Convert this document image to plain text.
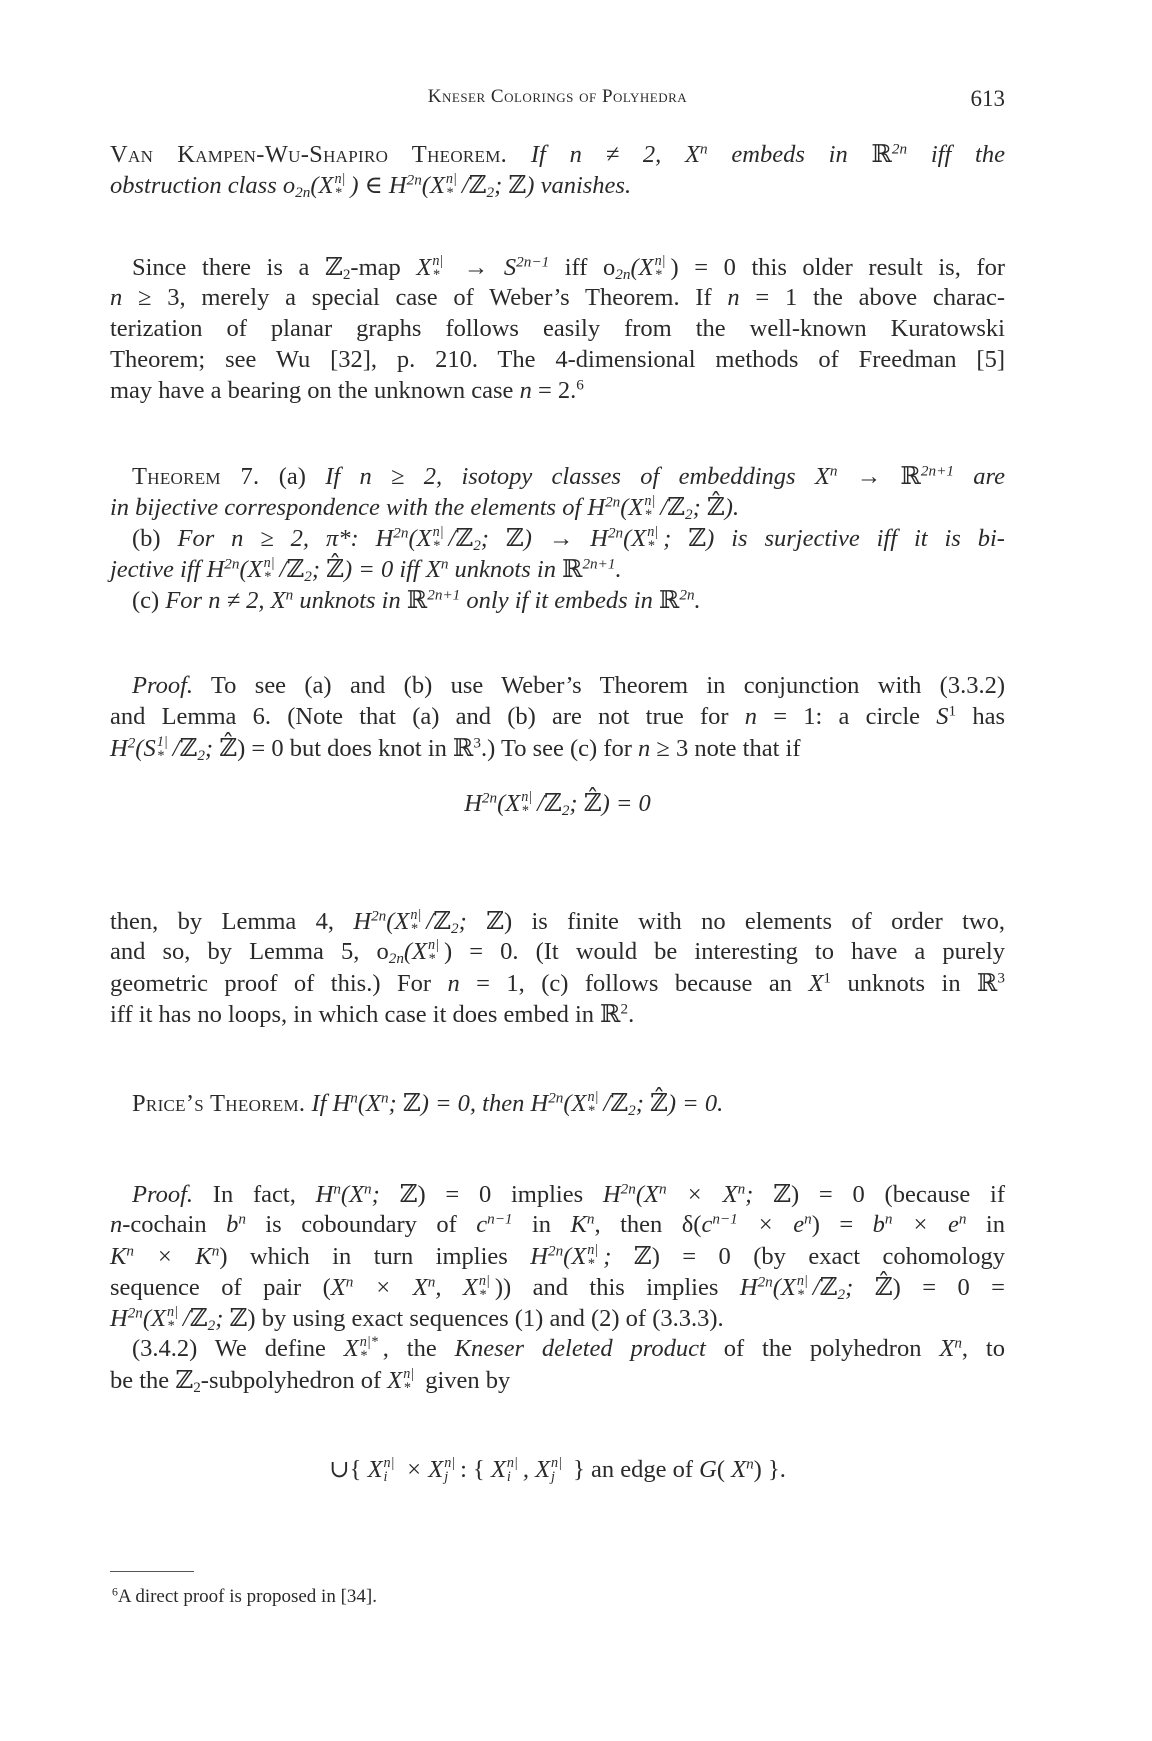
Kneser Colorings of Polyhedra	613
Van Kampen-Wu-Shapiro Theorem. If n ≠ 2, $X^n$ embeds in ℝ$^{2n}$ iff the
obstruction class $o_{2n}(Xn|*$ ) ∈ $H^{2n}(Xn|*$ /ℤ$_2$; ℤ) vanishes.
Since there is a ℤ$_2$-map $Xn|* \to S^{2n-1}$ iff $o_{2n}(Xn|*$ ) = 0 this older result is, for
n ≥ 3, merely a special case of Weber’s Theorem. If n = 1 the above charac-
terization of planar graphs follows easily from the well-known Kuratowski
Theorem; see Wu [32], p. 210. The 4-dimensional methods of Freedman [5]
may have a bearing on the unknown case n = 2.$^6$
Theorem 7. (a) If n ≥ 2, isotopy classes of embeddings $X^n$ → ℝ$^{2n+1}$ are
in bijective correspondence with the elements of $H^{2n}(Xn|*$ /ℤ$_2$; ℤ̂).
(b) For n ≥ 2, π*: $H^{2n}(Xn|*$ /ℤ$_2$; ℤ) → $H^{2n}(Xn|*$ ; ℤ) is surjective iff it is bi-
jective iff $H^{2n}(Xn|*$ /ℤ$_2$; ℤ̂) = 0 iff $X^n$ unknots in ℝ$^{2n+1}$.
(c) For n ≠ 2, $X^n$ unknots in ℝ$^{2n+1}$ only if it embeds in ℝ$^{2n}$.
Proof. To see (a) and (b) use Weber’s Theorem in conjunction with (3.3.2)
and Lemma 6. (Note that (a) and (b) are not true for n = 1: a circle $S^1$ has
$H^2(S1|*$ /ℤ$_2$; ℤ̂) = 0 but does knot in ℝ$^3$.) To see (c) for n ≥ 3 note that if
$H^{2n}(Xn|*$ /ℤ$_2$; ℤ̂) = 0
then, by Lemma 4, $H^{2n}(Xn|*$ /ℤ$_2$; ℤ) is finite with no elements of order two,
and so, by Lemma 5, $o_{2n}(Xn|*$ ) = 0. (It would be interesting to have a purely
geometric proof of this.) For n = 1, (c) follows because an $X^1$ unknots in ℝ$^3$
iff it has no loops, in which case it does embed in ℝ$^2$.
Price’s Theorem. If $H^n(X^n$; ℤ) = 0, then $H^{2n}(Xn|*$ /ℤ$_2$; ℤ̂) = 0.
Proof. In fact, $H^n(X^n$; ℤ) = 0 implies $H^{2n}(X^n \times X^n$; ℤ) = 0 (because if
n-cochain $b^n$ is coboundary of $c^{n-1}$ in $K^n$, then $\delta(c^{n-1} \times e^n) = b^n \times e^n$ in
$K^n \times K^n$) which in turn implies $H^{2n}(Xn|*$ ; ℤ) = 0 (by exact cohomology
sequence of pair ($X^n \times X^n$, Xn|* )) and this implies $H^{2n}(Xn|*$ /ℤ$_2$; ℤ̂) = 0 =
$H^{2n}(Xn|*$ /ℤ$_2$; ℤ) by using exact sequences (1) and (2) of (3.3.3).
(3.4.2) We define Xn|** , the Kneser deleted product of the polyhedron $X^n$, to
be the ℤ$_2$-subpolyhedron of Xn|* given by
∪{ Xn|i × Xn|j : { Xn|i , Xn|j } an edge of G( $X^n$) }.
$^6$A direct proof is proposed in [34].
